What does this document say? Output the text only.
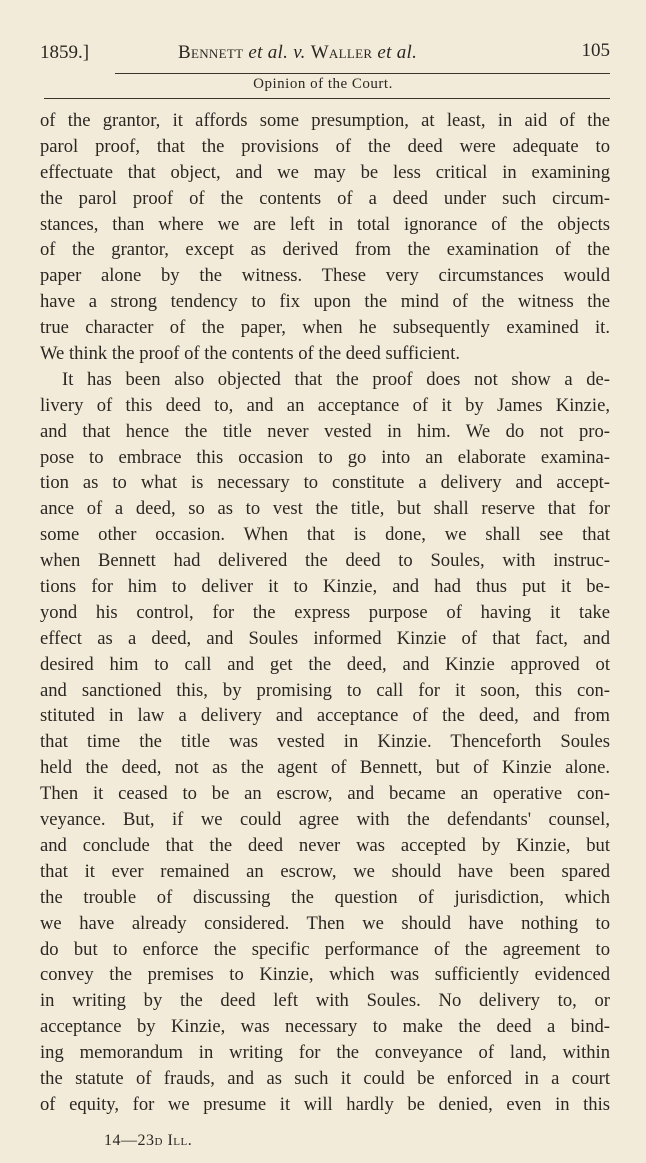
1859.]	Bennett et al. v. Waller et al.	105
Opinion of the Court.
of the grantor, it affords some presumption, at least, in aid of the
parol proof, that the provisions of the deed were adequate to
effectuate that object, and we may be less critical in examining
the parol proof of the contents of a deed under such circum-
stances, than where we are left in total ignorance of the objects
of the grantor, except as derived from the examination of the
paper alone by the witness. These very circumstances would
have a strong tendency to fix upon the mind of the witness the
true character of the paper, when he subsequently examined it.
We think the proof of the contents of the deed sufficient.
It has been also objected that the proof does not show a de-
livery of this deed to, and an acceptance of it by James Kinzie,
and that hence the title never vested in him. We do not pro-
pose to embrace this occasion to go into an elaborate examina-
tion as to what is necessary to constitute a delivery and accept-
ance of a deed, so as to vest the title, but shall reserve that for
some other occasion. When that is done, we shall see that
when Bennett had delivered the deed to Soules, with instruc-
tions for him to deliver it to Kinzie, and had thus put it be-
yond his control, for the express purpose of having it take
effect as a deed, and Soules informed Kinzie of that fact, and
desired him to call and get the deed, and Kinzie approved ot
and sanctioned this, by promising to call for it soon, this con-
stituted in law a delivery and acceptance of the deed, and from
that time the title was vested in Kinzie. Thenceforth Soules
held the deed, not as the agent of Bennett, but of Kinzie alone.
Then it ceased to be an escrow, and became an operative con-
veyance. But, if we could agree with the defendants' counsel,
and conclude that the deed never was accepted by Kinzie, but
that it ever remained an escrow, we should have been spared
the trouble of discussing the question of jurisdiction, which
we have already considered. Then we should have nothing to
do but to enforce the specific performance of the agreement to
convey the premises to Kinzie, which was sufficiently evidenced
in writing by the deed left with Soules. No delivery to, or
acceptance by Kinzie, was necessary to make the deed a bind-
ing memorandum in writing for the conveyance of land, within
the statute of frauds, and as such it could be enforced in a court
of equity, for we presume it will hardly be denied, even in this
14—23d Ill.
